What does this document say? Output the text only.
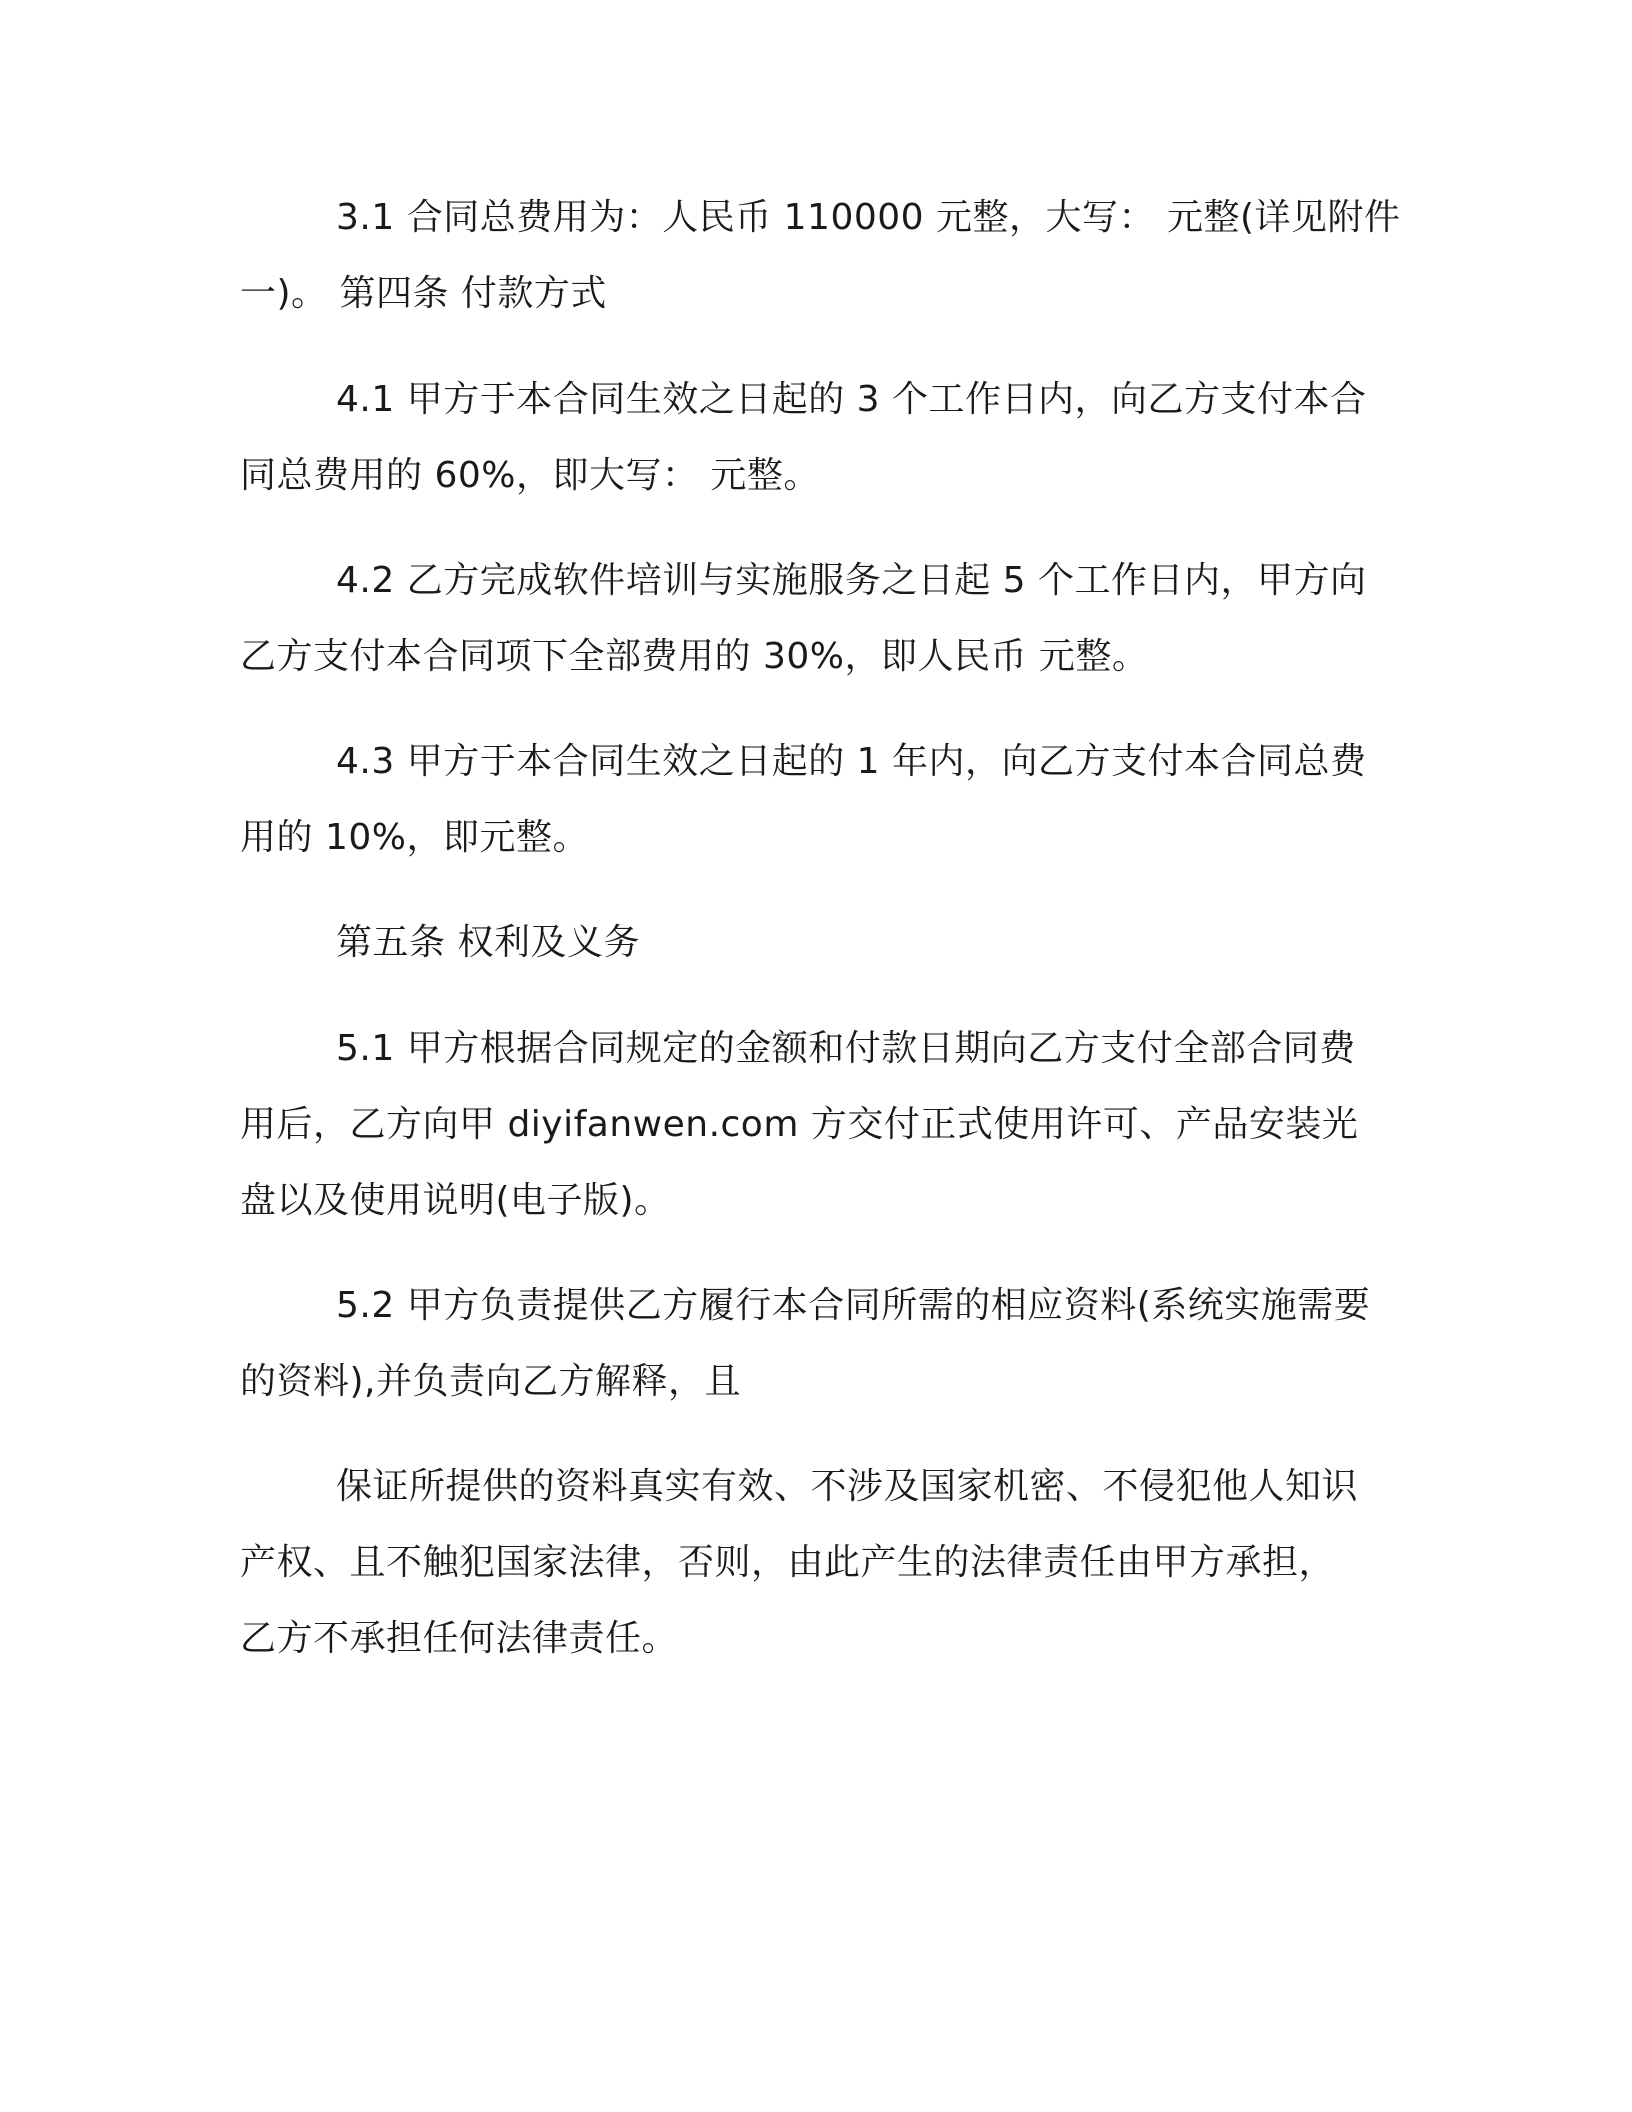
3.1 合同总费用为：人民币 110000 元整，大写： 元整(详见附件
一)。 第四条 付款方式
4.1 甲方于本合同生效之日起的 3 个工作日内，向乙方支付本合
同总费用的 60%，即大写： 元整。
4.2 乙方完成软件培训与实施服务之日起 5 个工作日内，甲方向
乙方支付本合同项下全部费用的 30%，即人民币 元整。
4.3 甲方于本合同生效之日起的 1 年内，向乙方支付本合同总费
用的 10%，即元整。
第五条 权利及义务
5.1 甲方根据合同规定的金额和付款日期向乙方支付全部合同费
用后，乙方向甲 diyifanwen.com 方交付正式使用许可、产品安装光
盘以及使用说明(电子版)。
5.2 甲方负责提供乙方履行本合同所需的相应资料(系统实施需要
的资料),并负责向乙方解释，且
保证所提供的资料真实有效、不涉及国家机密、不侵犯他人知识
产权、且不触犯国家法律，否则，由此产生的法律责任由甲方承担，
乙方不承担任何法律责任。
